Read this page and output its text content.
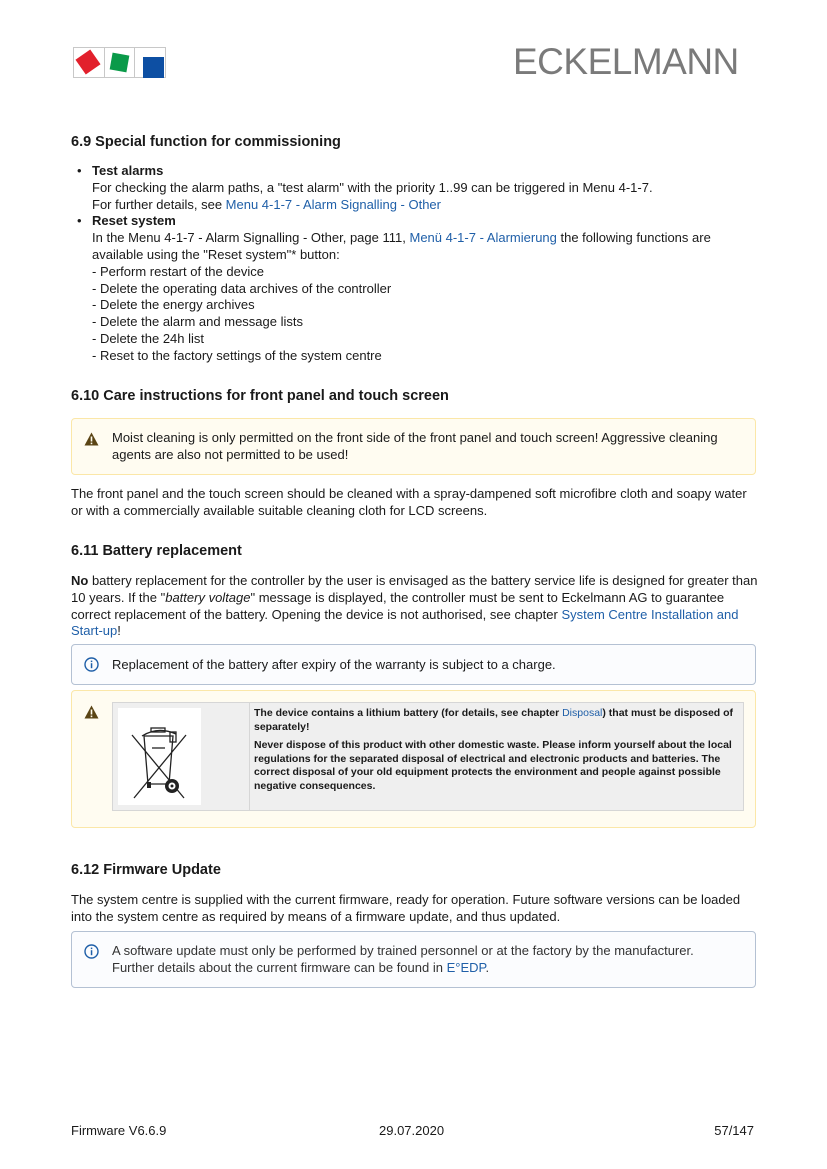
ECKELMANN
6.9 Special function for commissioning
• Test alarms
For checking the alarm paths, a "test alarm" with the priority 1..99 can be triggered in Menu 4-1-7.
For further details, see Menu 4-1-7 - Alarm Signalling - Other
• Reset system
In the Menu 4-1-7 - Alarm Signalling - Other, page 111, Menü 4-1-7 - Alarmierung the following functions are available using the "Reset system"* button:
- Perform restart of the device
- Delete the operating data archives of the controller
- Delete the energy archives
- Delete the alarm and message lists
- Delete the 24h list
- Reset to the factory settings of the system centre
6.10 Care instructions for front panel and touch screen
Moist cleaning is only permitted on the front side of the front panel and touch screen! Aggressive cleaning agents are also not permitted to be used!
The front panel and the touch screen should be cleaned with a spray-dampened soft microfibre cloth and soapy water or with a commercially available suitable cleaning cloth for LCD screens.
6.11 Battery replacement
No battery replacement for the controller by the user is envisaged as the battery service life is designed for greater than 10 years. If the "battery voltage" message is displayed, the controller must be sent to Eckelmann AG to guarantee correct replacement of the battery. Opening the device is not authorised, see chapter System Centre Installation and Start-up!
Replacement of the battery after expiry of the warranty is subject to a charge.

The device contains a lithium battery (for details, see chapter Disposal) that must be disposed of separately!

Never dispose of this product with other domestic waste. Please inform yourself about the local regulations for the separated disposal of electrical and electronic products and batteries. The correct disposal of your old equipment protects the environment and people against possible negative consequences.

6.12 Firmware Update
The system centre is supplied with the current firmware, ready for operation. Future software versions can be loaded into the system centre as required by means of a firmware update, and thus updated.
A software update must only be performed by trained personnel or at the factory by the manufacturer.
Further details about the current firmware can be found in E°EDP.
Firmware V6.6.9	29.07.2020	57/147
